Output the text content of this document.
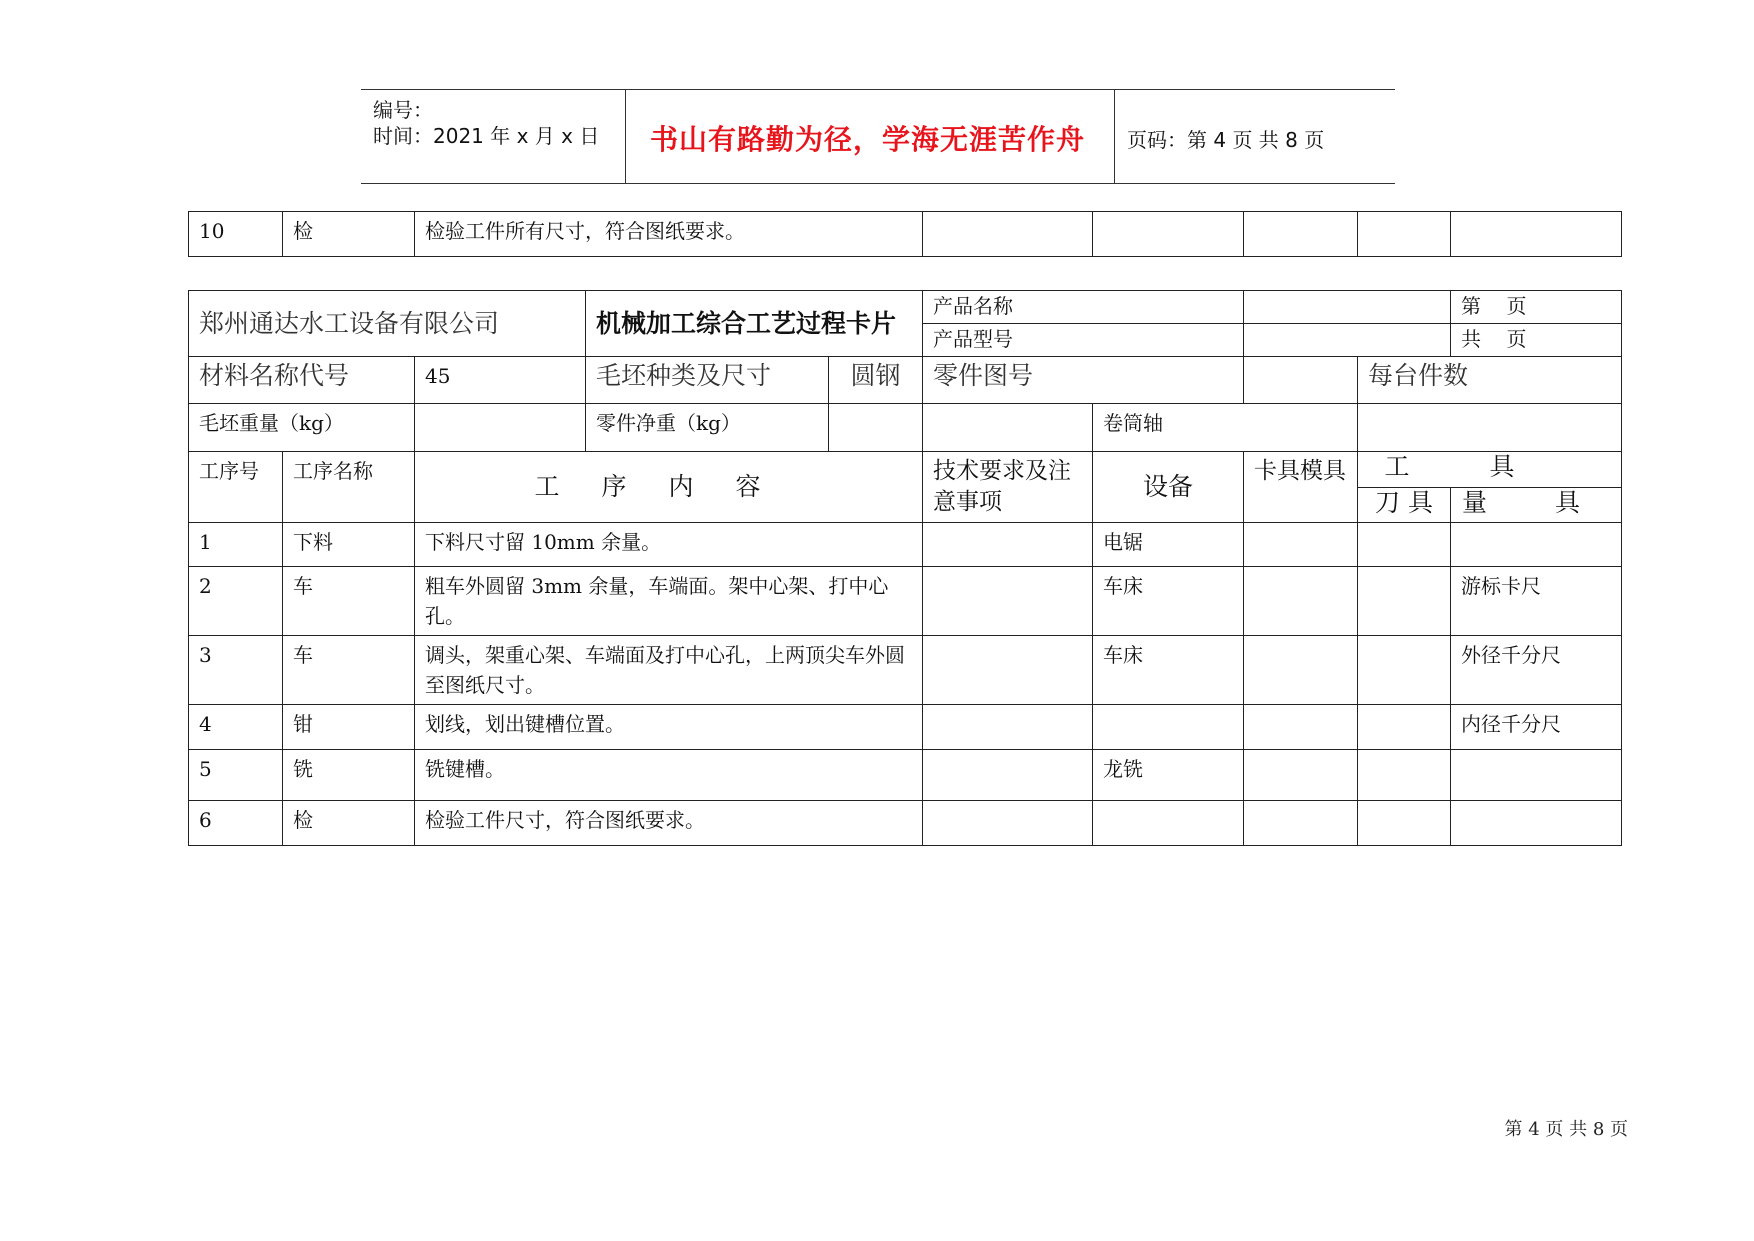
编号：
时间：2021 年 x 月 x 日 书山有路勤为径，学海无涯苦作舟 页码：第 4 页 共 8 页
10	检	检验工件所有尺寸，符合图纸要求。					
郑州通达水工设备有限公司			机械加工综合工艺过程卡片		产品名称				第    页
					产品型号				共    页
材料名称代号		45	毛坯种类及尺寸	圆钢	零件图号			每台件数	
毛坯重量（kg）			零件净重（kg）			卷筒轴			
工序号	工序名称	工序内容			技术要求及注意事项	设备	卡具模具	工具	
								刀 具	量 具
1	下料	下料尺寸留 10mm 余量。				电锯			
2	车	粗车外圆留 3mm 余量，车端面。架中心架、打中心孔。				车床			游标卡尺
3	车	调头，架重心架、车端面及打中心孔，上两顶尖车外圆至图纸尺寸。				车床			外径千分尺
4	钳	划线，划出键槽位置。							内径千分尺
5	铣	铣键槽。				龙铣			
6	检	检验工件尺寸，符合图纸要求。							
第 4 页 共 8 页
